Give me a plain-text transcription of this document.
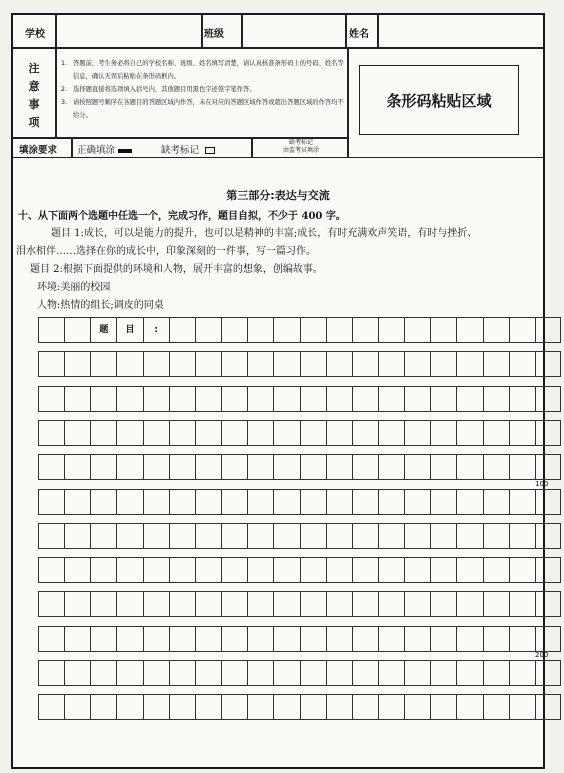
学校	班级	姓名
注
意
事
项
1. 答题前，考生务必将自己的学校名称、班级、姓名填写清楚，请认真核准条形码上的号码、姓名等信息，确认无误后粘贴在条形码框内。
2. 选择题直接将选项填入括号内，其他题目用黑色字迹签字笔作答。
3. 请按照题号顺序在各题目的答题区域内作答，未在对应的答题区域作答或超出答题区域的作答均不给分。
条形码粘贴区域
填涂要求 正确填涂	缺考标记
缺考标记
由监考员填涂
第三部分:表达与交流
十、从下面两个选题中任选一个，完成习作，题目自拟，不少于 400 字。
题目 1:成长，可以是能力的提升，也可以是精神的丰富;成长，有时充满欢声笑语，有时与挫折、
泪水相伴……选择在你的成长中，印象深刻的一件事，写一篇习作。
题目 2:根据下面提供的环境和人物，展开丰富的想象，创编故事。
环境:美丽的校园
人物:热情的组长;调皮的同桌
题	目	:
100
200
